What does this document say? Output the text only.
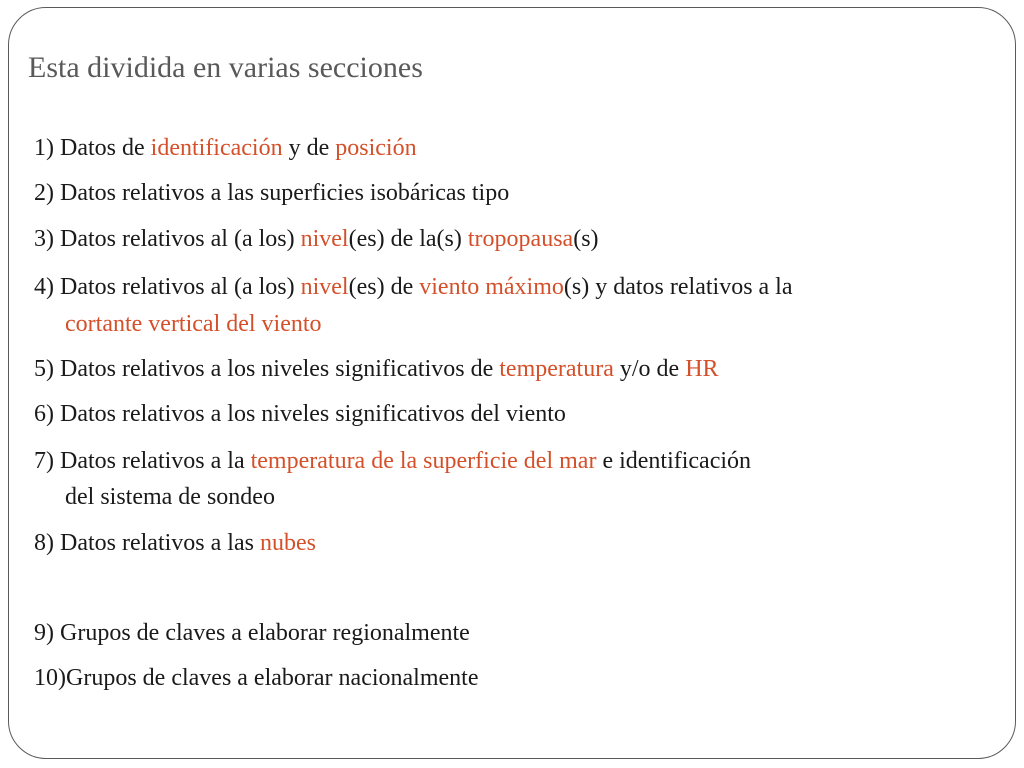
Esta dividida en varias secciones
1) Datos de identificación y de posición
2) Datos relativos a las superficies isobáricas tipo
3) Datos relativos al (a los) nivel(es) de la(s) tropopausa(s)
4) Datos relativos al (a los) nivel(es) de viento máximo(s) y datos relativos a la
cortante vertical del viento
5) Datos relativos a los niveles significativos de temperatura y/o de HR
6) Datos relativos a los niveles significativos del viento
7) Datos relativos a la temperatura de la superficie del mar e identificación
del sistema de sondeo
8) Datos relativos a las nubes
9) Grupos de claves a elaborar regionalmente
10)Grupos de claves a elaborar nacionalmente
